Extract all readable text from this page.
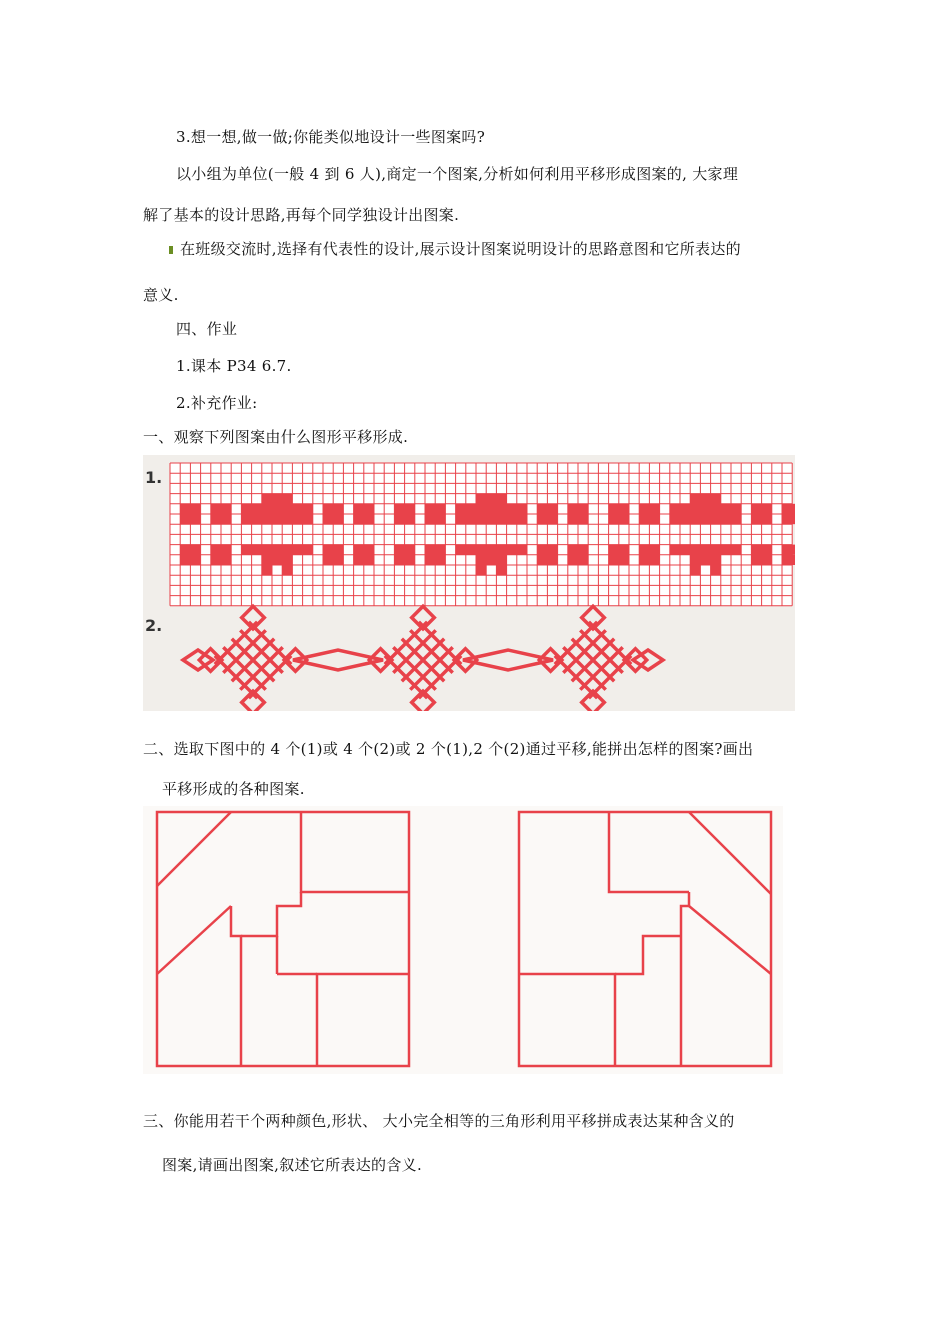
3.想一想,做一做;你能类似地设计一些图案吗?
以小组为单位(一般 4 到 6 人),商定一个图案,分析如何利用平移形成图案的, 大家理
解了基本的设计思路,再每个同学独设计出图案.
在班级交流时,选择有代表性的设计,展示设计图案说明设计的思路意图和它所表达的
意义.
四、作业
1.课本 P34 6.7.
2.补充作业:
一、观察下列图案由什么图形平移形成.
1.
2.
二、选取下图中的 4 个(1)或 4 个(2)或 2 个(1),2 个(2)通过平移,能拼出怎样的图案?画出
平移形成的各种图案.
三、你能用若干个两种颜色,形状、 大小完全相等的三角形利用平移拼成表达某种含义的
图案,请画出图案,叙述它所表达的含义.
